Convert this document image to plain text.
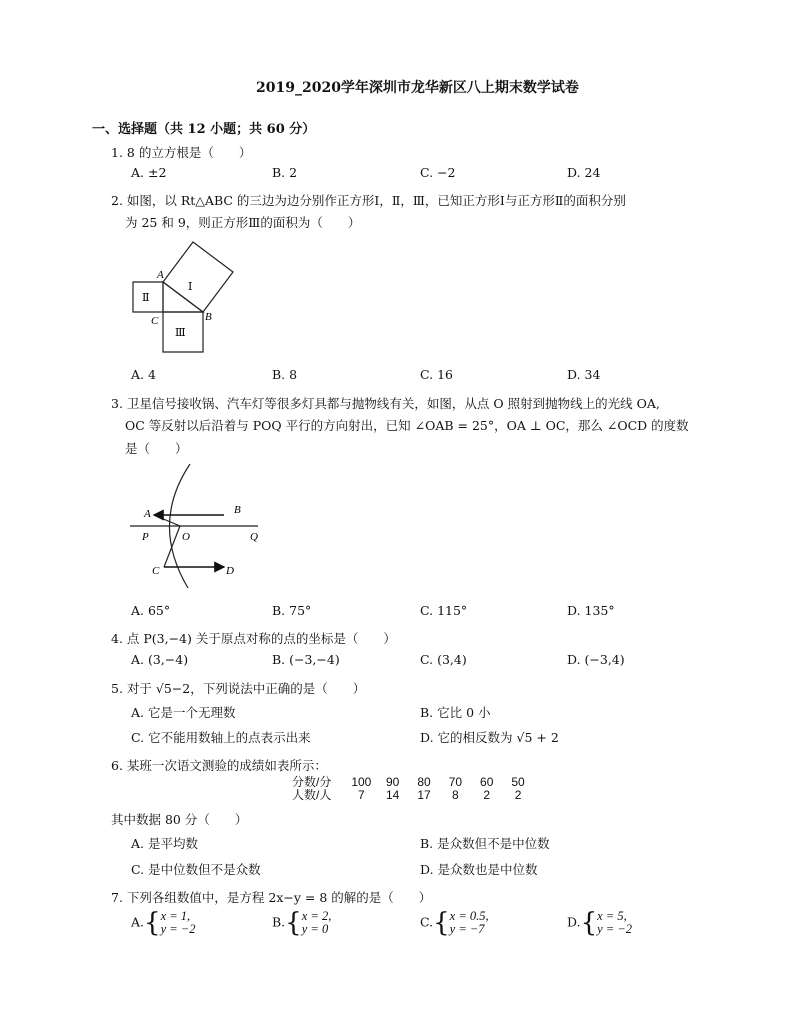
2019_2020学年深圳市龙华新区八上期末数学试卷
一、选择题（共 12 小题；共 60 分）
1. 8 的立方根是（　　）
A. ±2	B. 2	C. −2	D. 24
2. 如图，以 Rt△ABC 的三边为边分别作正方形Ⅰ，Ⅱ，Ⅲ，已知正方形Ⅰ与正方形Ⅱ的面积分别
为 25 和 9，则正方形Ⅲ的面积为（　　）
A
B
C
Ⅰ
Ⅱ
Ⅲ
A. 4	B. 8	C. 16	D. 34
3. 卫星信号接收锅、汽车灯等很多灯具都与抛物线有关，如图，从点 O 照射到抛物线上的光线 OA,
OC 等反射以后沿着与 POQ 平行的方向射出，已知 ∠OAB = 25°，OA ⊥ OC，那么 ∠OCD 的度数
是（　　）
A	B
P	O	Q
C	D
A. 65°	B. 75°	C. 115°	D. 135°
4. 点 P(3,−4) 关于原点对称的点的坐标是（　　）
A. (3,−4)	B. (−3,−4)	C. (3,4)	D. (−3,4)
5. 对于 √5−2，下列说法中正确的是（　　）
A. 它是一个无理数	B. 它比 0 小
C. 它不能用数轴上的点表示出来	D. 它的相反数为 √5 + 2
6. 某班一次语文测验的成绩如表所示：
分数/分 100 90 80 70 60 50
人数/人 7 14 17 8 2 2
其中数据 80 分（　　）
A. 是平均数	B. 是众数但不是中位数
C. 是中位数但不是众数	D. 是众数也是中位数
7. 下列各组数值中，是方程 2x−y = 8 的解的是（　　）
A.{x = 1,
y = −2	B.{x = 2,
y = 0	C.{x = 0.5,
y = −7	D.{x = 5,
y = −2
